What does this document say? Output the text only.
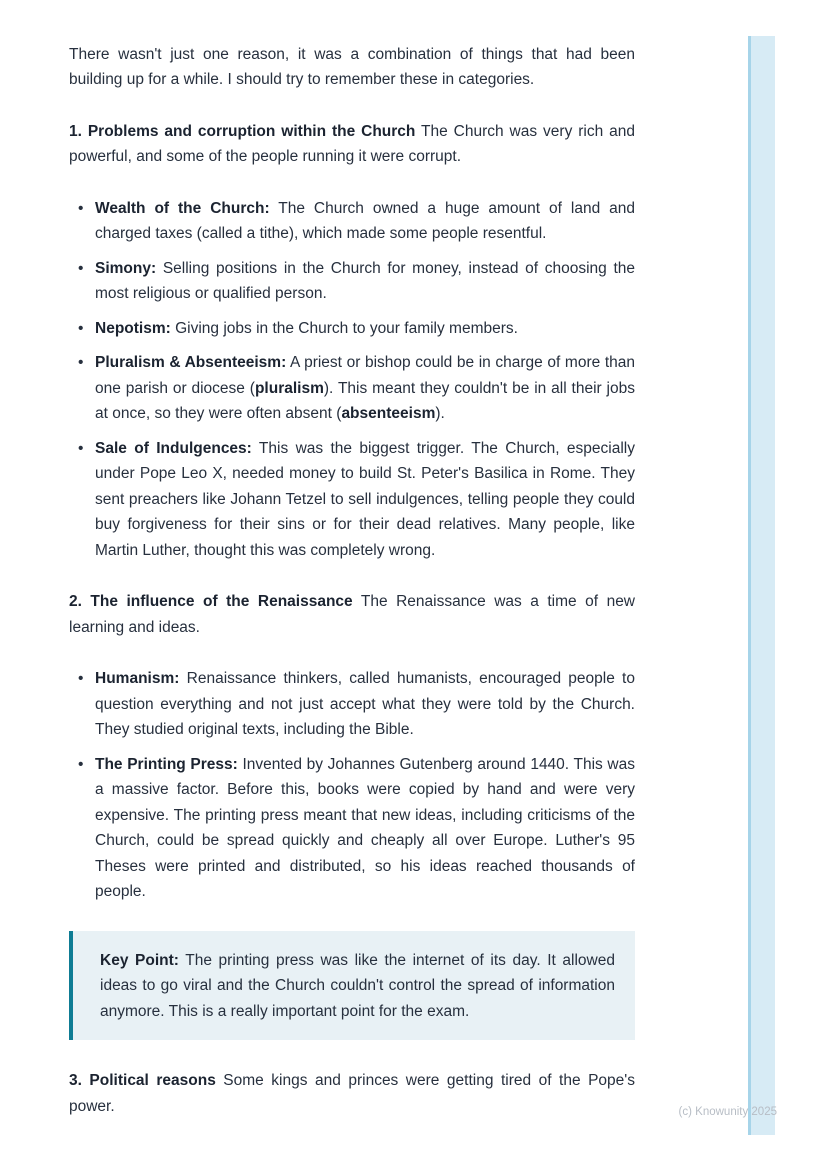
There wasn't just one reason, it was a combination of things that had been building up for a while. I should try to remember these in categories.

1. Problems and corruption within the Church The Church was very rich and powerful, and some of the people running it were corrupt.

• Wealth of the Church: The Church owned a huge amount of land and charged taxes (called a tithe), which made some people resentful.
• Simony: Selling positions in the Church for money, instead of choosing the most religious or qualified person.
• Nepotism: Giving jobs in the Church to your family members.
• Pluralism & Absenteeism: A priest or bishop could be in charge of more than one parish or diocese (pluralism). This meant they couldn't be in all their jobs at once, so they were often absent (absenteeism).
• Sale of Indulgences: This was the biggest trigger. The Church, especially under Pope Leo X, needed money to build St. Peter's Basilica in Rome. They sent preachers like Johann Tetzel to sell indulgences, telling people they could buy forgiveness for their sins or for their dead relatives. Many people, like Martin Luther, thought this was completely wrong.

2. The influence of the Renaissance The Renaissance was a time of new learning and ideas.

• Humanism: Renaissance thinkers, called humanists, encouraged people to question everything and not just accept what they were told by the Church. They studied original texts, including the Bible.
• The Printing Press: Invented by Johannes Gutenberg around 1440. This was a massive factor. Before this, books were copied by hand and were very expensive. The printing press meant that new ideas, including criticisms of the Church, could be spread quickly and cheaply all over Europe. Luther's 95 Theses were printed and distributed, so his ideas reached thousands of people.

Key Point: The printing press was like the internet of its day. It allowed ideas to go viral and the Church couldn't control the spread of information anymore. This is a really important point for the exam.

3. Political reasons Some kings and princes were getting tired of the Pope's power.	(c) Knowunity 2025
